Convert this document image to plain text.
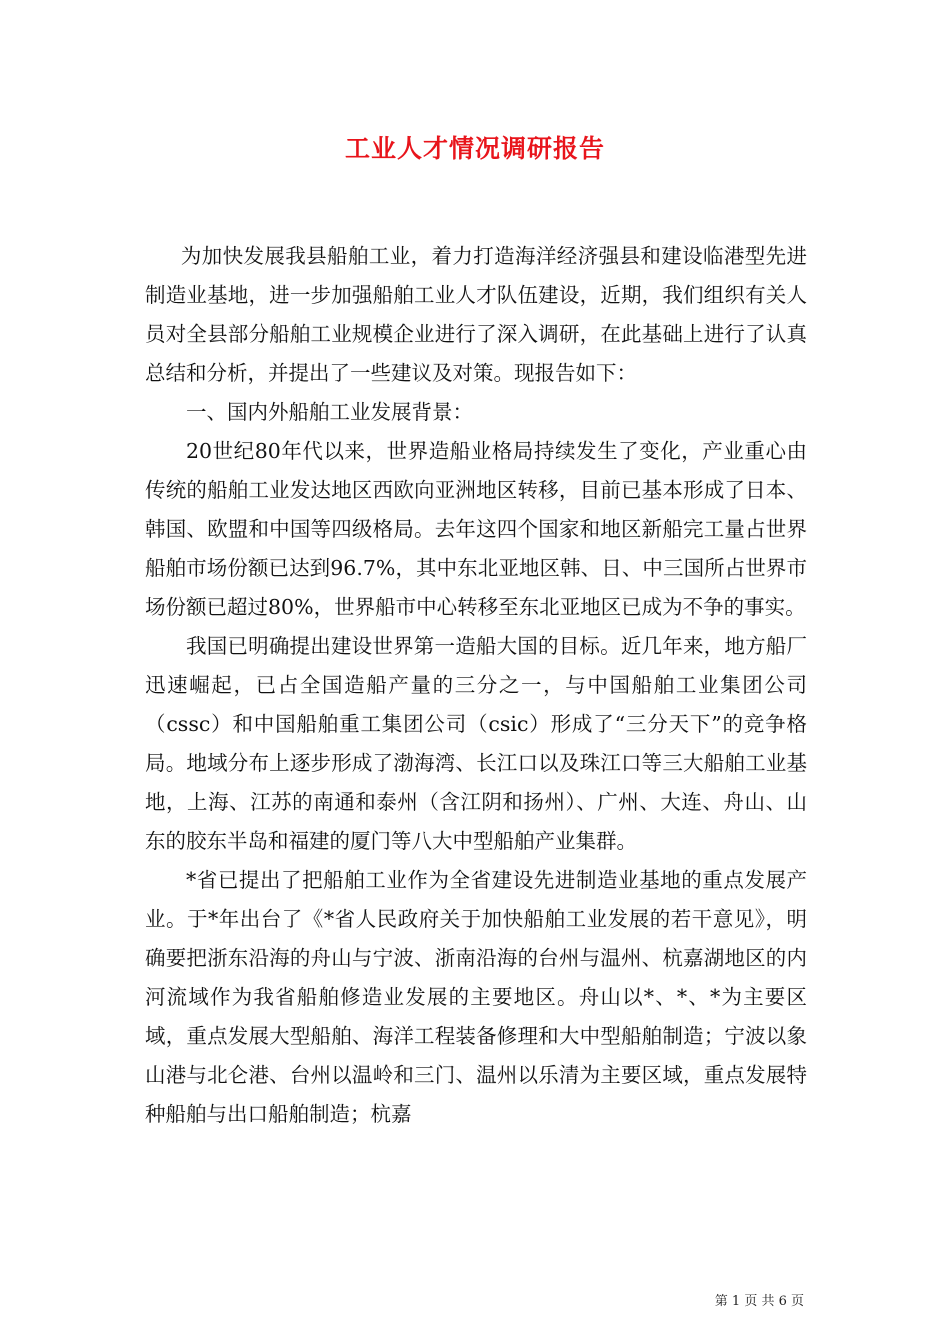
工业人才情况调研报告

为加快发展我县船舶工业，着力打造海洋经济强县和建设临港型先进制造业基地，进一步加强船舶工业人才队伍建设，近期，我们组织有关人员对全县部分船舶工业规模企业进行了深入调研，在此基础上进行了认真总结和分析，并提出了一些建议及对策。现报告如下：

一、国内外船舶工业发展背景：

20世纪80年代以来，世界造船业格局持续发生了变化，产业重心由传统的船舶工业发达地区西欧向亚洲地区转移，目前已基本形成了日本、韩国、欧盟和中国等四级格局。去年这四个国家和地区新船完工量占世界船舶市场份额已达到96.7%，其中东北亚地区韩、日、中三国所占世界市场份额已超过80%，世界船市中心转移至东北亚地区已成为不争的事实。

我国已明确提出建设世界第一造船大国的目标。近几年来，地方船厂迅速崛起，已占全国造船产量的三分之一，与中国船舶工业集团公司（cssc）和中国船舶重工集团公司（csic）形成了“三分天下”的竞争格局。地域分布上逐步形成了渤海湾、长江口以及珠江口等三大船舶工业基地，上海、江苏的南通和泰州（含江阴和扬州）、广州、大连、舟山、山东的胶东半岛和福建的厦门等八大中型船舶产业集群。

*省已提出了把船舶工业作为全省建设先进制造业基地的重点发展产业。于*年出台了《*省人民政府关于加快船舶工业发展的若干意见》，明确要把浙东沿海的舟山与宁波、浙南沿海的台州与温州、杭嘉湖地区的内河流域作为我省船舶修造业发展的主要地区。舟山以*、*、*为主要区域，重点发展大型船舶、海洋工程装备修理和大中型船舶制造；宁波以象山港与北仑港、台州以温岭和三门、温州以乐清为主要区域，重点发展特种船舶与出口船舶制造；杭嘉

第 1 页 共 6 页
